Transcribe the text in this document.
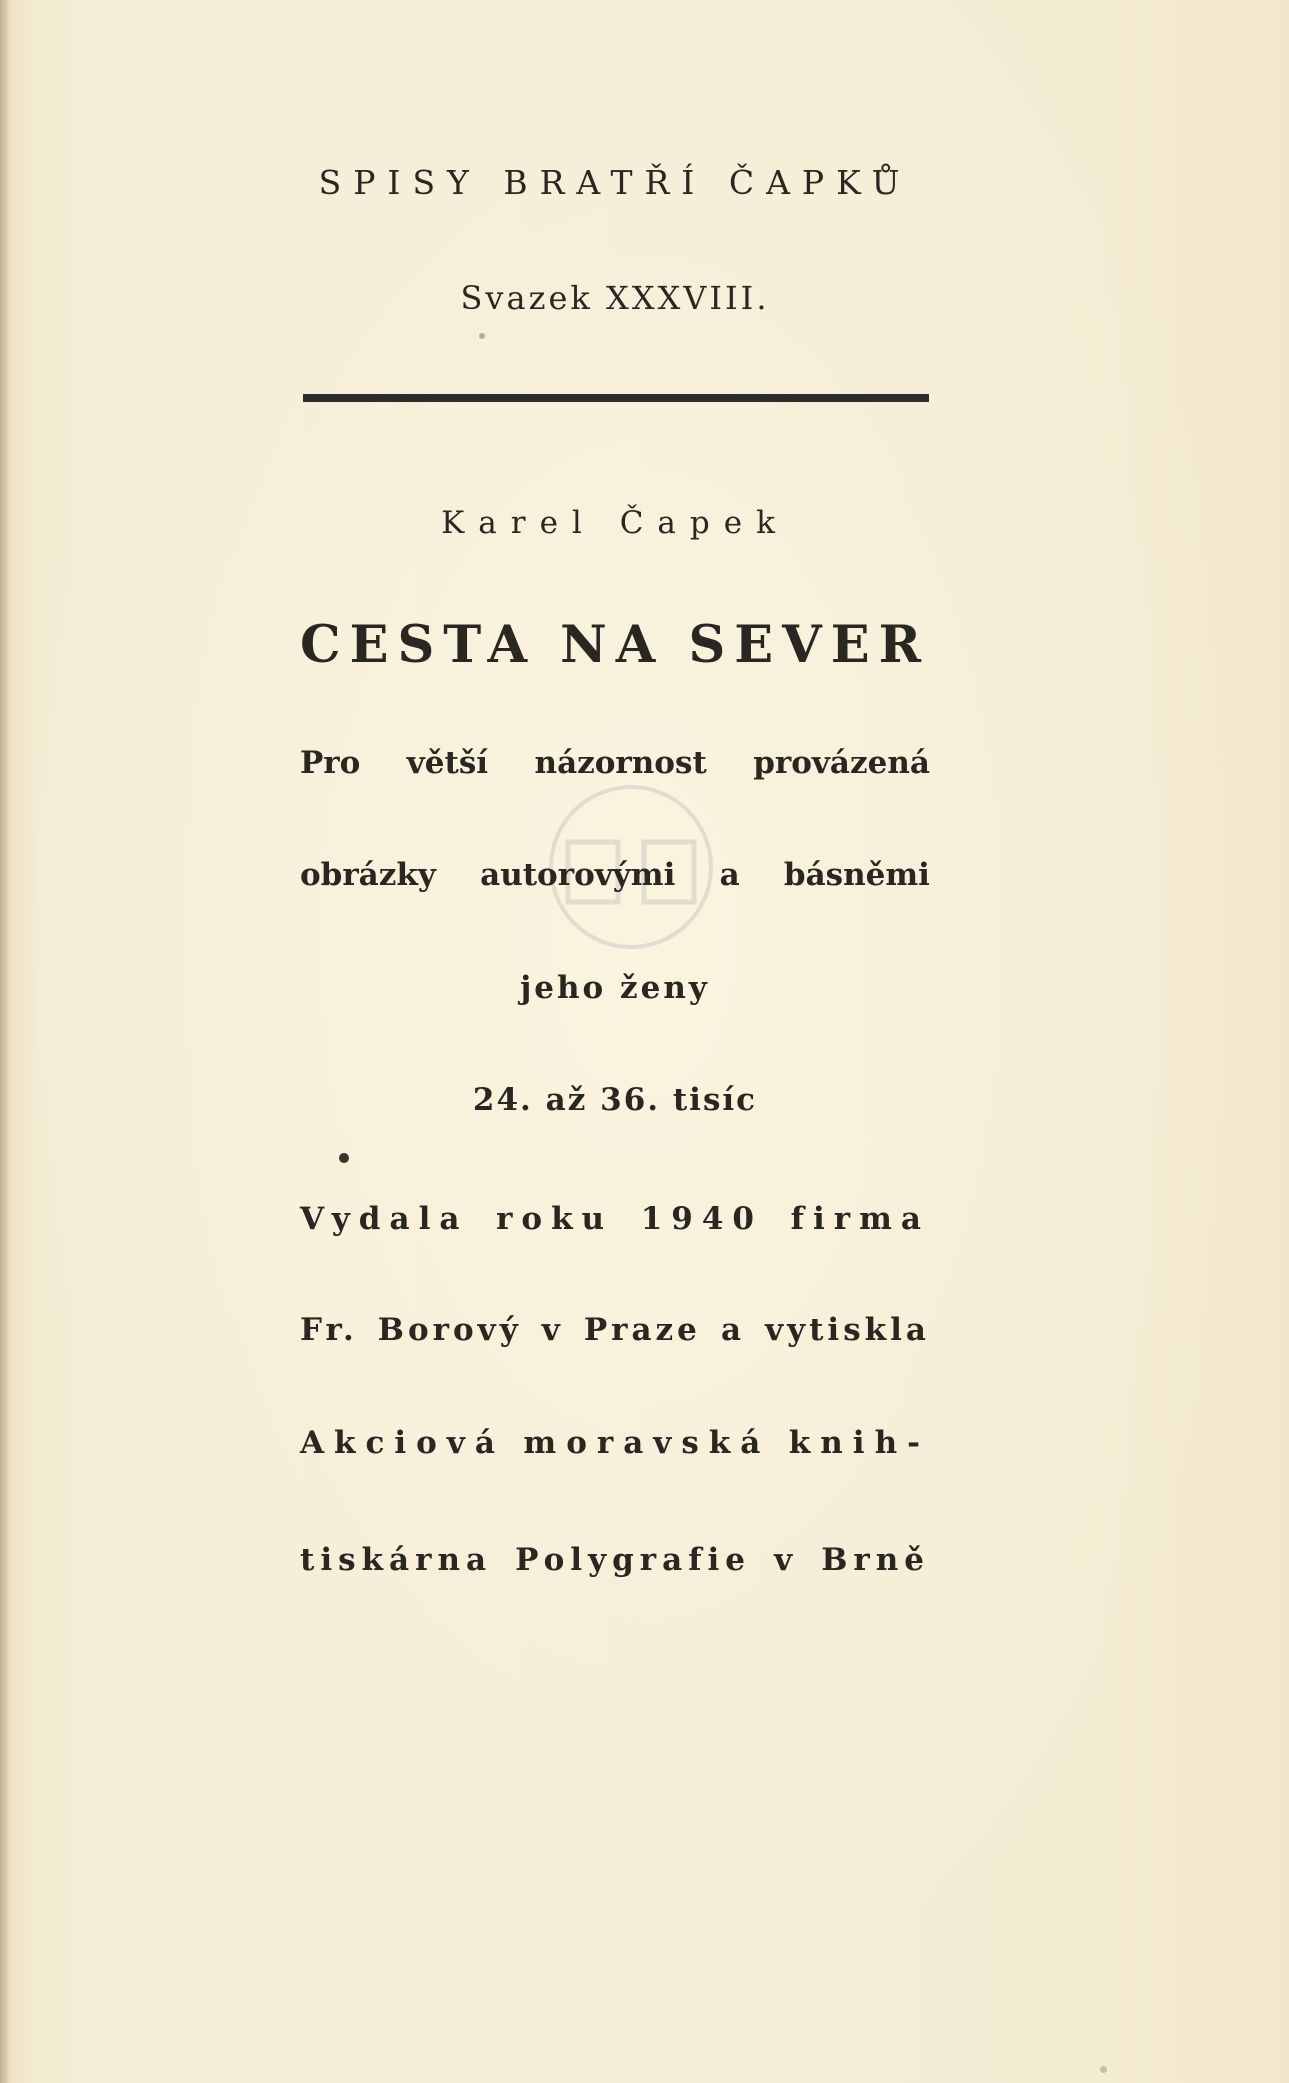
SPISY BRATŘÍ ČAPKŮ
Svazek XXXVIII.
Karel Čapek
CESTA NA SEVER
Pro větší názornost provázená
obrázky autorovými a básněmi
jeho ženy
24. až 36. tisíc
Vydala roku 1940 firma
Fr. Borový v Praze a vytiskla
Akciová moravská knih-
tiskárna Polygrafie v Brně
